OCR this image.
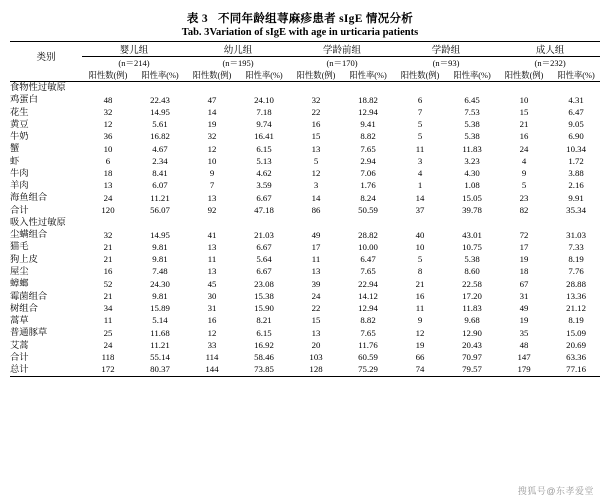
表 3 不同年龄组荨麻疹患者 sIgE 情况分析
Tab. 3Variation of sIgE with age in urticaria patients
类别	婴儿组		幼儿组		学龄前组		学龄组		成人组	
	(n＝214)		(n＝195)		(n＝170)		(n＝93)		(n＝232)	
	阳性数(例)	阳性率(%)	阳性数(例)	阳性率(%)	阳性数(例)	阳性率(%)	阳性数(例)	阳性率(%)	阳性数(例)	阳性率(%)
食物性过敏原										
鸡蛋白	48	22.43	47	24.10	32	18.82	6	6.45	10	4.31
花生	32	14.95	14	7.18	22	12.94	7	7.53	15	6.47
黄豆	12	5.61	19	9.74	16	9.41	5	5.38	21	9.05
牛奶	36	16.82	32	16.41	15	8.82	5	5.38	16	6.90
蟹	10	4.67	12	6.15	13	7.65	11	11.83	24	10.34
虾	6	2.34	10	5.13	5	2.94	3	3.23	4	1.72
牛肉	18	8.41	9	4.62	12	7.06	4	4.30	9	3.88
羊肉	13	6.07	7	3.59	3	1.76	1	1.08	5	2.16
海鱼组合	24	11.21	13	6.67	14	8.24	14	15.05	23	9.91
合计	120	56.07	92	47.18	86	50.59	37	39.78	82	35.34
吸入性过敏原										
尘螨组合	32	14.95	41	21.03	49	28.82	40	43.01	72	31.03
猫毛	21	9.81	13	6.67	17	10.00	10	10.75	17	7.33
狗上皮	21	9.81	11	5.64	11	6.47	5	5.38	19	8.19
屋尘	16	7.48	13	6.67	13	7.65	8	8.60	18	7.76
蟑螂	52	24.30	45	23.08	39	22.94	21	22.58	67	28.88
霉菌组合	21	9.81	30	15.38	24	14.12	16	17.20	31	13.36
树组合	34	15.89	31	15.90	22	12.94	11	11.83	49	21.12
蒿草	11	5.14	16	8.21	15	8.82	9	9.68	19	8.19
普通豚草	25	11.68	12	6.15	13	7.65	12	12.90	35	15.09
艾蒿	24	11.21	33	16.92	20	11.76	19	20.43	48	20.69
合计	118	55.14	114	58.46	103	60.59	66	70.97	147	63.36
总计	172	80.37	144	73.85	128	75.29	74	79.57	179	77.16

搜狐号@东孝爱堂
